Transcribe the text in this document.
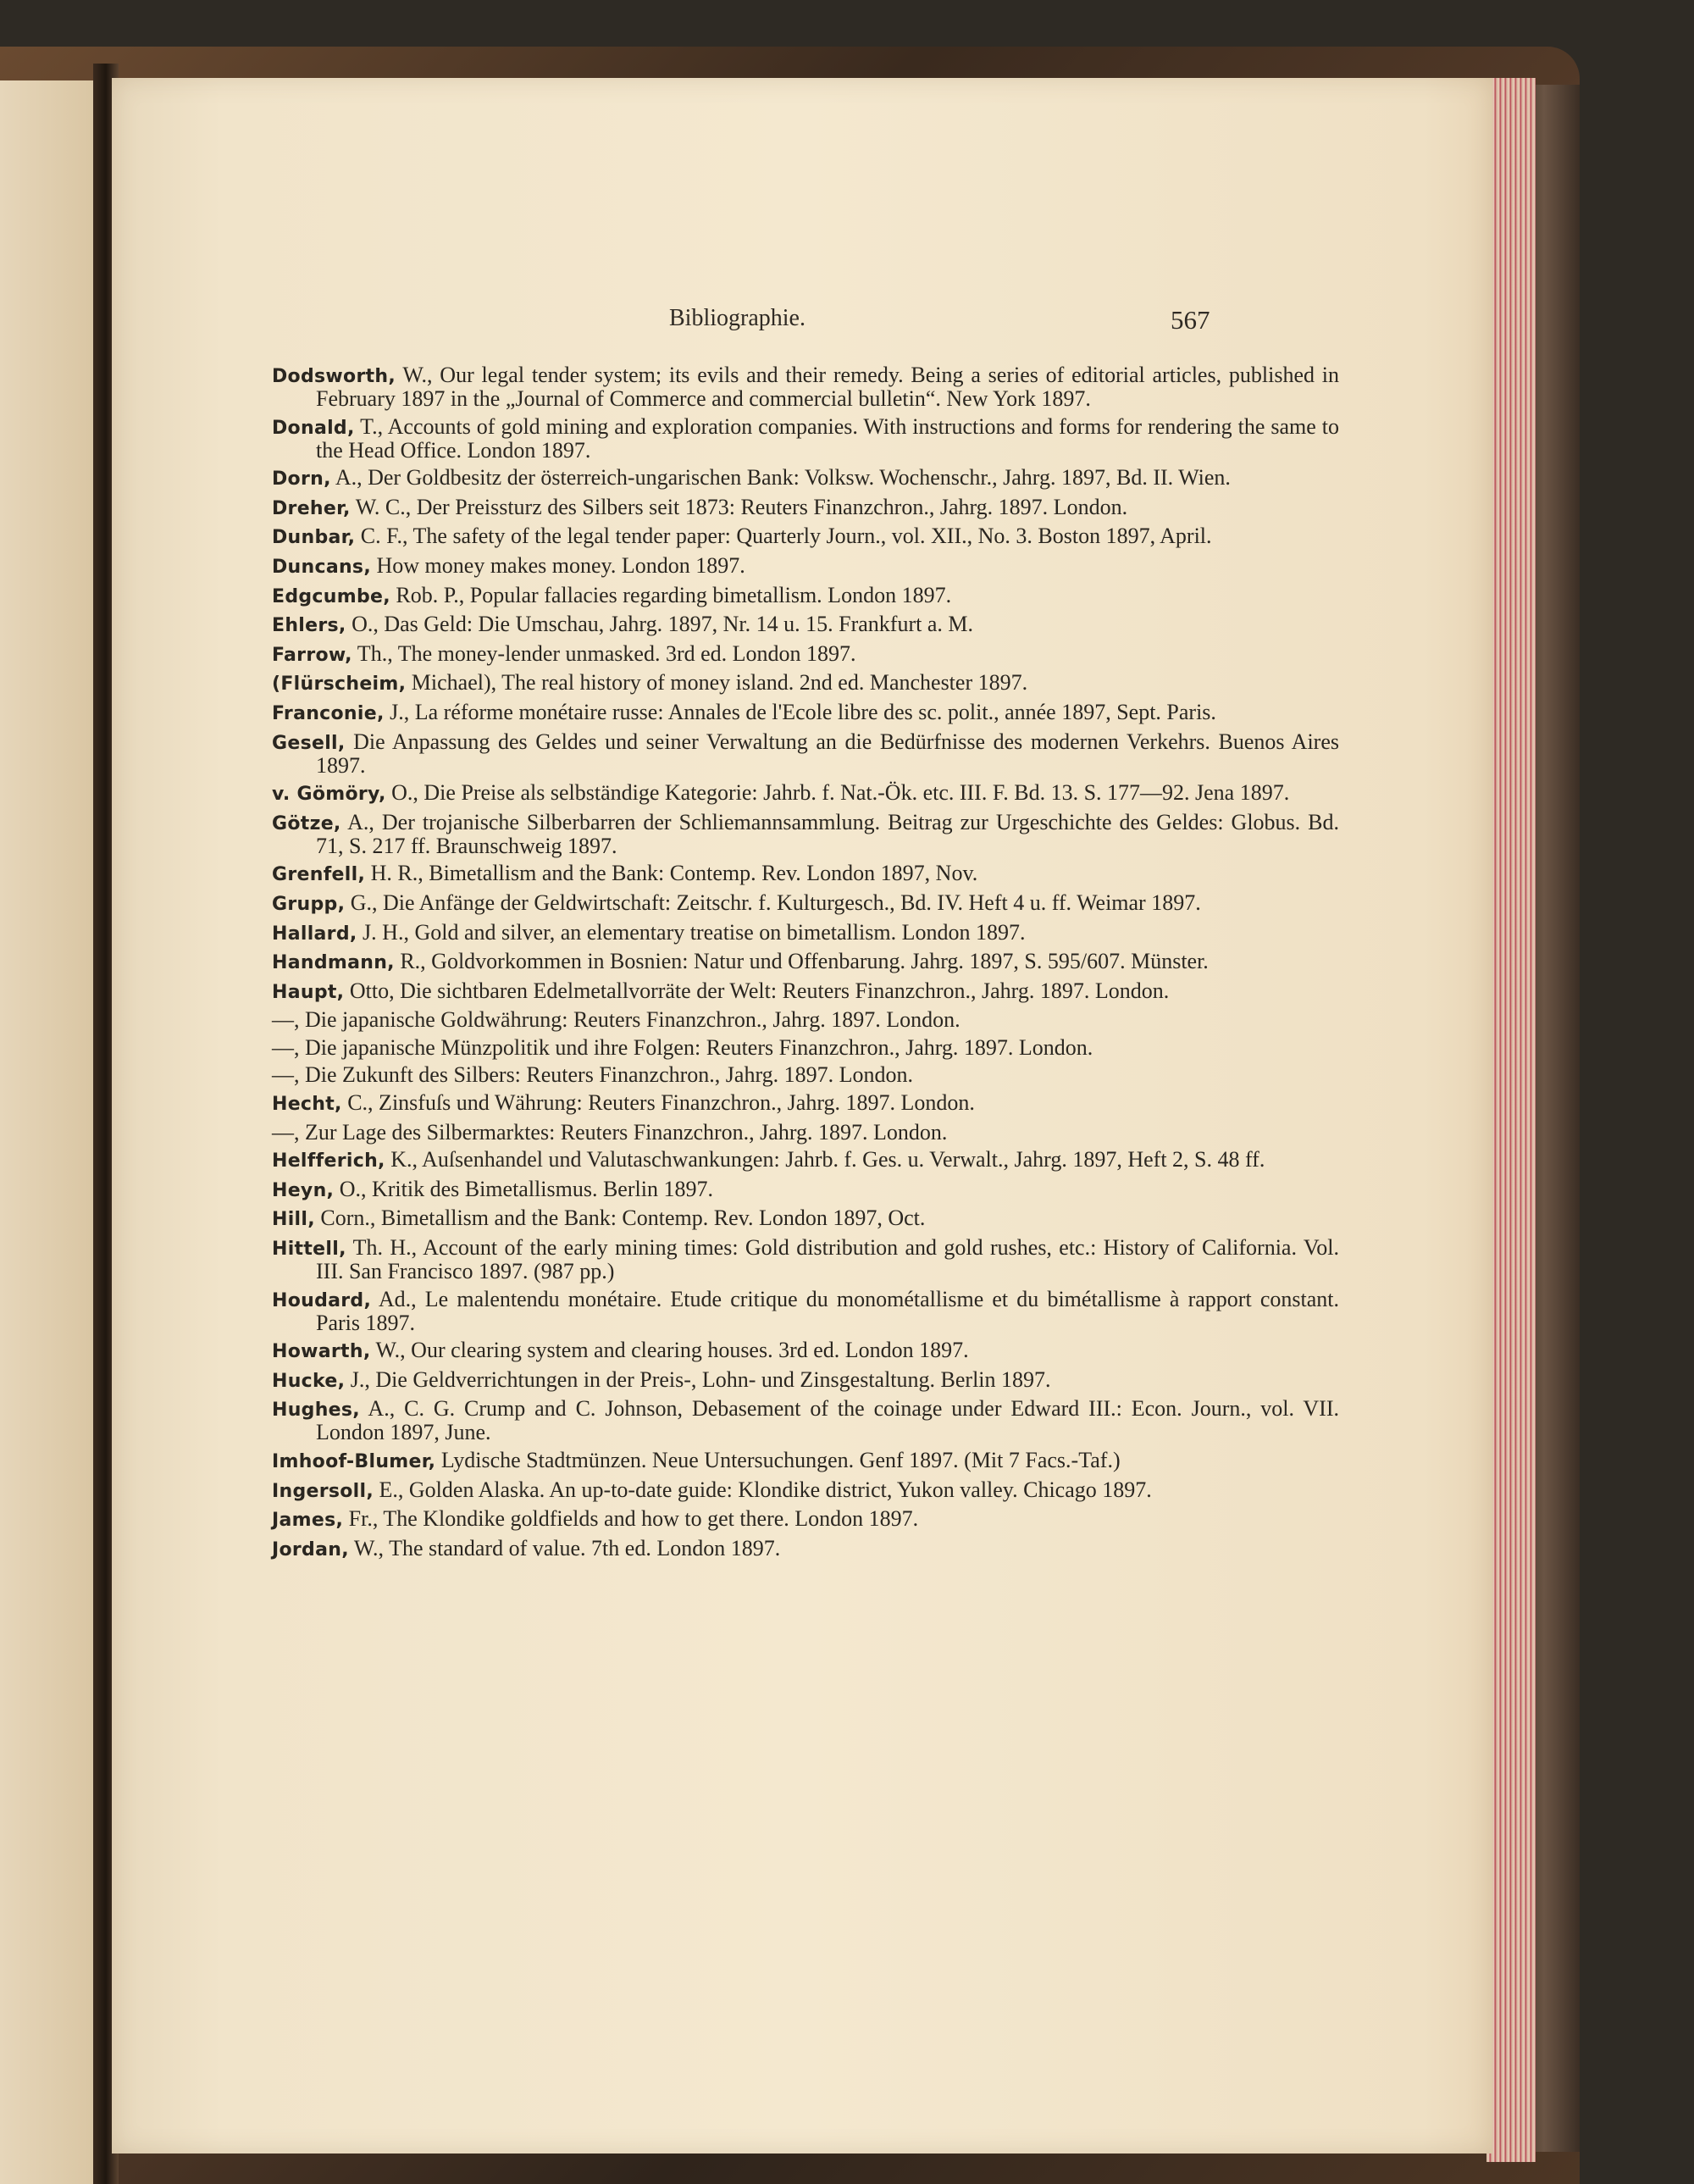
Bibliographie.	567
Dodsworth, W., Our legal tender system; its evils and their remedy. Being a series of editorial articles, published in February 1897 in the „Journal of Commerce and commercial bulletin“. New York 1897.
Donald, T., Accounts of gold mining and exploration companies. With instructions and forms for rendering the same to the Head Office. London 1897.
Dorn, A., Der Goldbesitz der österreich-ungarischen Bank: Volksw. Wochenschr., Jahrg. 1897, Bd. II. Wien.
Dreher, W. C., Der Preissturz des Silbers seit 1873: Reuters Finanzchron., Jahrg. 1897. London.
Dunbar, C. F., The safety of the legal tender paper: Quarterly Journ., vol. XII., No. 3. Boston 1897, April.
Duncans, How money makes money. London 1897.
Edgcumbe, Rob. P., Popular fallacies regarding bimetallism. London 1897.
Ehlers, O., Das Geld: Die Umschau, Jahrg. 1897, Nr. 14 u. 15. Frankfurt a. M.
Farrow, Th., The money-lender unmasked. 3rd ed. London 1897.
(Flürscheim, Michael), The real history of money island. 2nd ed. Manchester 1897.
Franconie, J., La réforme monétaire russe: Annales de l'Ecole libre des sc. polit., année 1897, Sept. Paris.
Gesell, Die Anpassung des Geldes und seiner Verwaltung an die Bedürfnisse des modernen Verkehrs. Buenos Aires 1897.
v. Gömöry, O., Die Preise als selbständige Kategorie: Jahrb. f. Nat.-Ök. etc. III. F. Bd. 13. S. 177—92. Jena 1897.
Götze, A., Der trojanische Silberbarren der Schliemannsammlung. Beitrag zur Urgeschichte des Geldes: Globus. Bd. 71, S. 217 ff. Braunschweig 1897.
Grenfell, H. R., Bimetallism and the Bank: Contemp. Rev. London 1897, Nov.
Grupp, G., Die Anfänge der Geldwirtschaft: Zeitschr. f. Kulturgesch., Bd. IV. Heft 4 u. ff. Weimar 1897.
Hallard, J. H., Gold and silver, an elementary treatise on bimetallism. London 1897.
Handmann, R., Goldvorkommen in Bosnien: Natur und Offenbarung. Jahrg. 1897, S. 595/607. Münster.
Haupt, Otto, Die sichtbaren Edelmetallvorräte der Welt: Reuters Finanzchron., Jahrg. 1897. London.
—, Die japanische Goldwährung: Reuters Finanzchron., Jahrg. 1897. London.
—, Die japanische Münzpolitik und ihre Folgen: Reuters Finanzchron., Jahrg. 1897. London.
—, Die Zukunft des Silbers: Reuters Finanzchron., Jahrg. 1897. London.
Hecht, C., Zinsfuſs und Währung: Reuters Finanzchron., Jahrg. 1897. London.
—, Zur Lage des Silbermarktes: Reuters Finanzchron., Jahrg. 1897. London.
Helfferich, K., Auſsenhandel und Valutaschwankungen: Jahrb. f. Ges. u. Verwalt., Jahrg. 1897, Heft 2, S. 48 ff.
Heyn, O., Kritik des Bimetallismus. Berlin 1897.
Hill, Corn., Bimetallism and the Bank: Contemp. Rev. London 1897, Oct.
Hittell, Th. H., Account of the early mining times: Gold distribution and gold rushes, etc.: History of California. Vol. III. San Francisco 1897. (987 pp.)
Houdard, Ad., Le malentendu monétaire. Etude critique du monométallisme et du bimétallisme à rapport constant. Paris 1897.
Howarth, W., Our clearing system and clearing houses. 3rd ed. London 1897.
Hucke, J., Die Geldverrichtungen in der Preis-, Lohn- und Zinsgestaltung. Berlin 1897.
Hughes, A., C. G. Crump and C. Johnson, Debasement of the coinage under Edward III.: Econ. Journ., vol. VII. London 1897, June.
Imhoof-Blumer, Lydische Stadtmünzen. Neue Untersuchungen. Genf 1897. (Mit 7 Facs.-Taf.)
Ingersoll, E., Golden Alaska. An up-to-date guide: Klondike district, Yukon valley. Chicago 1897.
James, Fr., The Klondike goldfields and how to get there. London 1897.
Jordan, W., The standard of value. 7th ed. London 1897.
